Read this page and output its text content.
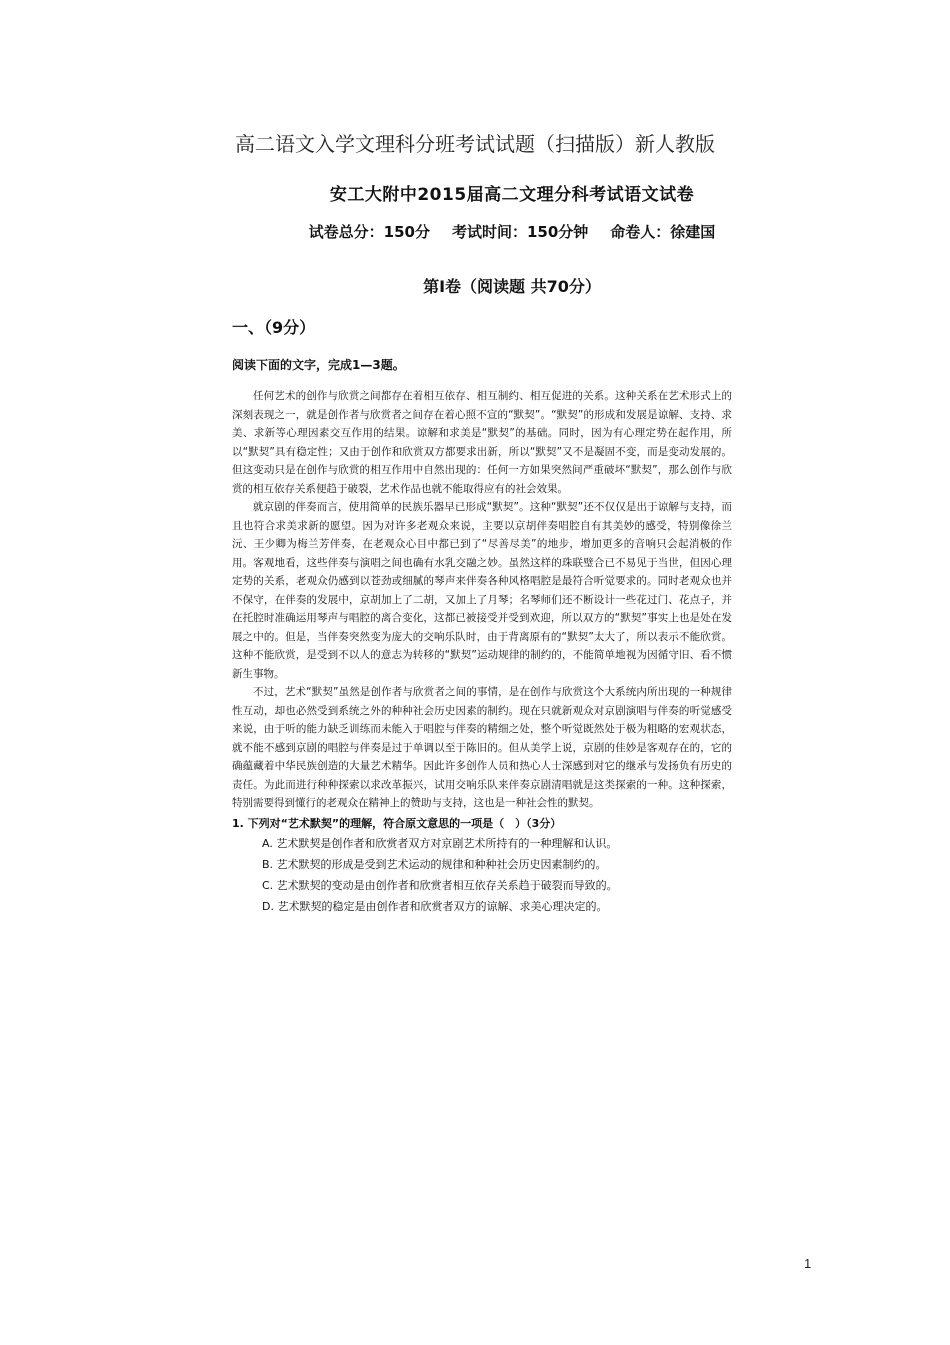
高二语文入学文理科分班考试试题（扫描版）新人教版
安工大附中2015届高二文理分科考试语文试卷
试卷总分：150分 考试时间：150分钟 命卷人：徐建国
第Ⅰ卷（阅读题 共70分）
一、（9分）
阅读下面的文字，完成1—3题。

任何艺术的创作与欣赏之间都存在着相互依存、相互制约、相互促进的关系。这种关系在艺术形式上的深刻表现之一，就是创作者与欣赏者之间存在着心照不宣的“默契”。“默契”的形成和发展是谅解、支持、求美、求新等心理因素交互作用的结果。谅解和求美是“默契”的基础。同时，因为有心理定势在起作用，所以“默契”具有稳定性；又由于创作和欣赏双方都要求出新，所以“默契”又不是凝固不变，而是变动发展的。但这变动只是在创作与欣赏的相互作用中自然出现的：任何一方如果突然间严重破坏“默契”，那么创作与欣赏的相互依存关系便趋于破裂，艺术作品也就不能取得应有的社会效果。

就京剧的伴奏而言，使用简单的民族乐器早已形成“默契”。这种“默契”还不仅仅是出于谅解与支持，而且也符合求美求新的愿望。因为对许多老观众来说，主要以京胡伴奏唱腔自有其美妙的感受，特别像徐兰沅、王少卿为梅兰芳伴奏，在老观众心目中都已到了“尽善尽美”的地步，增加更多的音响只会起消极的作用。客观地看，这些伴奏与演唱之间也确有水乳交融之妙。虽然这样的珠联璧合已不易见于当世，但因心理定势的关系，老观众仍感到以苍劲或细腻的琴声来伴奏各种风格唱腔是最符合听觉要求的。同时老观众也并不保守，在伴奏的发展中，京胡加上了二胡，又加上了月琴；名琴师们还不断设计一些花过门、花点子，并在托腔时准确运用琴声与唱腔的离合变化，这都已被接受并受到欢迎，所以双方的“默契”事实上也是处在发展之中的。但是，当伴奏突然变为庞大的交响乐队时，由于背离原有的“默契”太大了，所以表示不能欣赏。这种不能欣赏，是受到不以人的意志为转移的“默契”运动规律的制约的，不能简单地视为因循守旧、看不惯新生事物。

不过，艺术“默契”虽然是创作者与欣赏者之间的事情，是在创作与欣赏这个大系统内所出现的一种规律性互动，却也必然受到系统之外的种种社会历史因素的制约。现在只就新观众对京剧演唱与伴奏的听觉感受来说，由于听的能力缺乏训练而未能入于唱腔与伴奏的精细之处，整个听觉既然处于极为粗略的宏观状态，就不能不感到京剧的唱腔与伴奏是过于单调以至于陈旧的。但从美学上说，京剧的佳妙是客观存在的，它的确蕴藏着中华民族创造的大量艺术精华。因此许多创作人员和热心人士深感到对它的继承与发扬负有历史的责任。为此而进行种种探索以求改革振兴，试用交响乐队来伴奏京剧清唱就是这类探索的一种。这种探索，特别需要得到懂行的老观众在精神上的赞助与支持，这也是一种社会性的默契。

1. 下列对“艺术默契”的理解，符合原文意思的一项是（　）（3分）
A. 艺术默契是创作者和欣赏者双方对京剧艺术所持有的一种理解和认识。
B. 艺术默契的形成是受到艺术运动的规律和种种社会历史因素制约的。
C. 艺术默契的变动是由创作者和欣赏者相互依存关系趋于破裂而导致的。
D. 艺术默契的稳定是由创作者和欣赏者双方的谅解、求美心理决定的。
1
